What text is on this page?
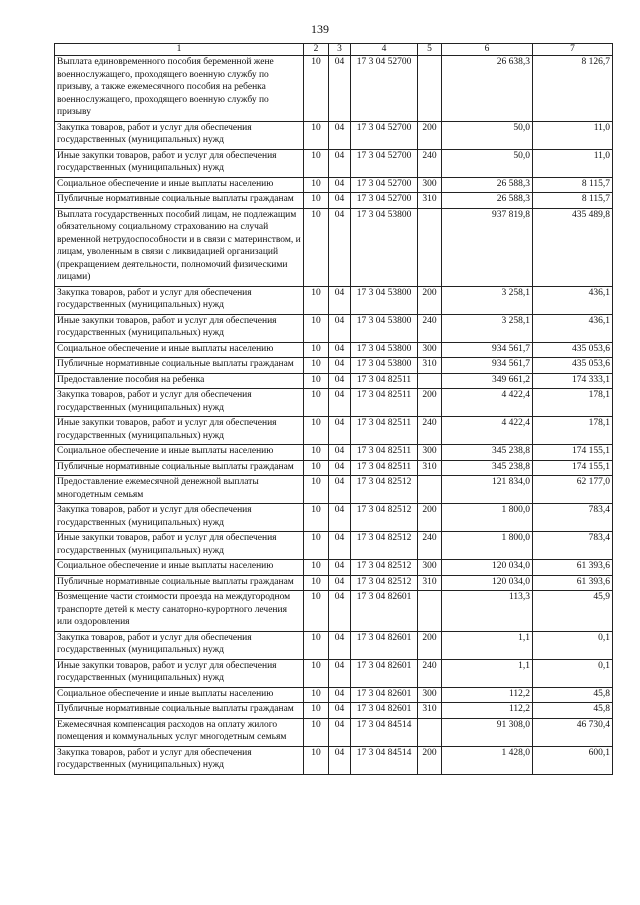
139
1	2	3	4	5	6	7
Выплата единовременного пособия беременной жене военнослужащего, проходящего военную службу по призыву, а также ежемесячного пособия на ребенка военнослужащего, проходящего военную службу по призыву	10	04	17 3 04 52700		26 638,3	8 126,7
Закупка товаров, работ и услуг для обеспечения государственных (муниципальных) нужд	10	04	17 3 04 52700	200	50,0	11,0
Иные закупки товаров, работ и услуг для обеспечения государственных (муниципальных) нужд	10	04	17 3 04 52700	240	50,0	11,0
Социальное обеспечение и иные выплаты населению	10	04	17 3 04 52700	300	26 588,3	8 115,7
Публичные нормативные социальные выплаты гражданам	10	04	17 3 04 52700	310	26 588,3	8 115,7
Выплата государственных пособий лицам, не подлежащим обязательному социальному страхованию на случай временной нетрудоспособности и в связи с материнством, и лицам, уволенным в связи с ликвидацией организаций (прекращением деятельности, полномочий физическими лицами)	10	04	17 3 04 53800		937 819,8	435 489,8
Закупка товаров, работ и услуг для обеспечения государственных (муниципальных) нужд	10	04	17 3 04 53800	200	3 258,1	436,1
Иные закупки товаров, работ и услуг для обеспечения государственных (муниципальных) нужд	10	04	17 3 04 53800	240	3 258,1	436,1
Социальное обеспечение и иные выплаты населению	10	04	17 3 04 53800	300	934 561,7	435 053,6
Публичные нормативные социальные выплаты гражданам	10	04	17 3 04 53800	310	934 561,7	435 053,6
Предоставление пособия на ребенка	10	04	17 3 04 82511		349 661,2	174 333,1
Закупка товаров, работ и услуг для обеспечения государственных (муниципальных) нужд	10	04	17 3 04 82511	200	4 422,4	178,1
Иные закупки товаров, работ и услуг для обеспечения государственных (муниципальных) нужд	10	04	17 3 04 82511	240	4 422,4	178,1
Социальное обеспечение и иные выплаты населению	10	04	17 3 04 82511	300	345 238,8	174 155,1
Публичные нормативные социальные выплаты гражданам	10	04	17 3 04 82511	310	345 238,8	174 155,1
Предоставление ежемесячной денежной выплаты многодетным семьям	10	04	17 3 04 82512		121 834,0	62 177,0
Закупка товаров, работ и услуг для обеспечения государственных (муниципальных) нужд	10	04	17 3 04 82512	200	1 800,0	783,4
Иные закупки товаров, работ и услуг для обеспечения государственных (муниципальных) нужд	10	04	17 3 04 82512	240	1 800,0	783,4
Социальное обеспечение и иные выплаты населению	10	04	17 3 04 82512	300	120 034,0	61 393,6
Публичные нормативные социальные выплаты гражданам	10	04	17 3 04 82512	310	120 034,0	61 393,6
Возмещение части стоимости проезда на междугородном транспорте детей к месту санаторно-курортного лечения или оздоровления	10	04	17 3 04 82601		113,3	45,9
Закупка товаров, работ и услуг для обеспечения государственных (муниципальных) нужд	10	04	17 3 04 82601	200	1,1	0,1
Иные закупки товаров, работ и услуг для обеспечения государственных (муниципальных) нужд	10	04	17 3 04 82601	240	1,1	0,1
Социальное обеспечение и иные выплаты населению	10	04	17 3 04 82601	300	112,2	45,8
Публичные нормативные социальные выплаты гражданам	10	04	17 3 04 82601	310	112,2	45,8
Ежемесячная компенсация расходов на оплату жилого помещения и коммунальных услуг многодетным семьям	10	04	17 3 04 84514		91 308,0	46 730,4
Закупка товаров, работ и услуг для обеспечения государственных (муниципальных) нужд	10	04	17 3 04 84514	200	1 428,0	600,1
